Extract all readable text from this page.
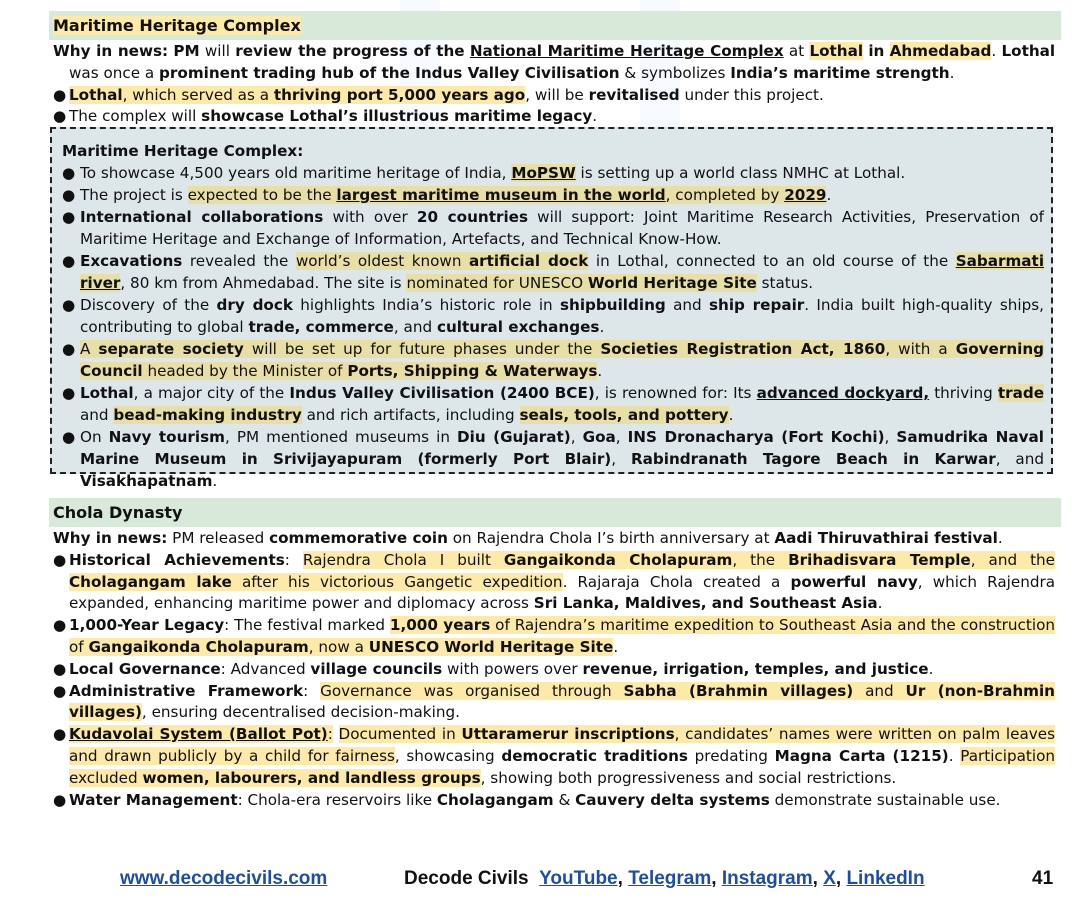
Maritime Heritage Complex
Why in news: PM will review the progress of the National Maritime Heritage Complex at Lothal in Ahmedabad. Lothal was once a prominent trading hub of the Indus Valley Civilisation & symbolizes India’s maritime strength.
● Lothal, which served as a thriving port 5,000 years ago, will be revitalised under this project.
● The complex will showcase Lothal’s illustrious maritime legacy.
Maritime Heritage Complex:
● To showcase 4,500 years old maritime heritage of India, MoPSW is setting up a world class NMHC at Lothal.
● The project is expected to be the largest maritime museum in the world, completed by 2029.
● International collaborations with over 20 countries will support: Joint Maritime Research Activities, Preservation of Maritime Heritage and Exchange of Information, Artefacts, and Technical Know-How.
● Excavations revealed the world’s oldest known artificial dock in Lothal, connected to an old course of the Sabarmati river, 80 km from Ahmedabad. The site is nominated for UNESCO World Heritage Site status.
● Discovery of the dry dock highlights India’s historic role in shipbuilding and ship repair. India built high-quality ships, contributing to global trade, commerce, and cultural exchanges.
● A separate society will be set up for future phases under the Societies Registration Act, 1860, with a Governing Council headed by the Minister of Ports, Shipping & Waterways.
● Lothal, a major city of the Indus Valley Civilisation (2400 BCE), is renowned for: Its advanced dockyard, thriving trade and bead-making industry and rich artifacts, including seals, tools, and pottery.
● On Navy tourism, PM mentioned museums in Diu (Gujarat), Goa, INS Dronacharya (Fort Kochi), Samudrika Naval Marine Museum in Srivijayapuram (formerly Port Blair), Rabindranath Tagore Beach in Karwar, and Visakhapatnam.
Chola Dynasty
Why in news: PM released commemorative coin on Rajendra Chola I’s birth anniversary at Aadi Thiruvathirai festival.
● Historical Achievements: Rajendra Chola I built Gangaikonda Cholapuram, the Brihadisvara Temple, and the Cholagangam lake after his victorious Gangetic expedition. Rajaraja Chola created a powerful navy, which Rajendra expanded, enhancing maritime power and diplomacy across Sri Lanka, Maldives, and Southeast Asia.
● 1,000-Year Legacy: The festival marked 1,000 years of Rajendra’s maritime expedition to Southeast Asia and the construction of Gangaikonda Cholapuram, now a UNESCO World Heritage Site.
● Local Governance: Advanced village councils with powers over revenue, irrigation, temples, and justice.
● Administrative Framework: Governance was organised through Sabha (Brahmin villages) and Ur (non-Brahmin villages), ensuring decentralised decision-making.
● Kudavolai System (Ballot Pot): Documented in Uttaramerur inscriptions, candidates’ names were written on palm leaves and drawn publicly by a child for fairness, showcasing democratic traditions predating Magna Carta (1215). Participation excluded women, labourers, and landless groups, showing both progressiveness and social restrictions.
● Water Management: Chola-era reservoirs like Cholagangam & Cauvery delta systems demonstrate sustainable use.
www.decodecivils.com	Decode Civils YouTube, Telegram, Instagram, X, LinkedIn	41
